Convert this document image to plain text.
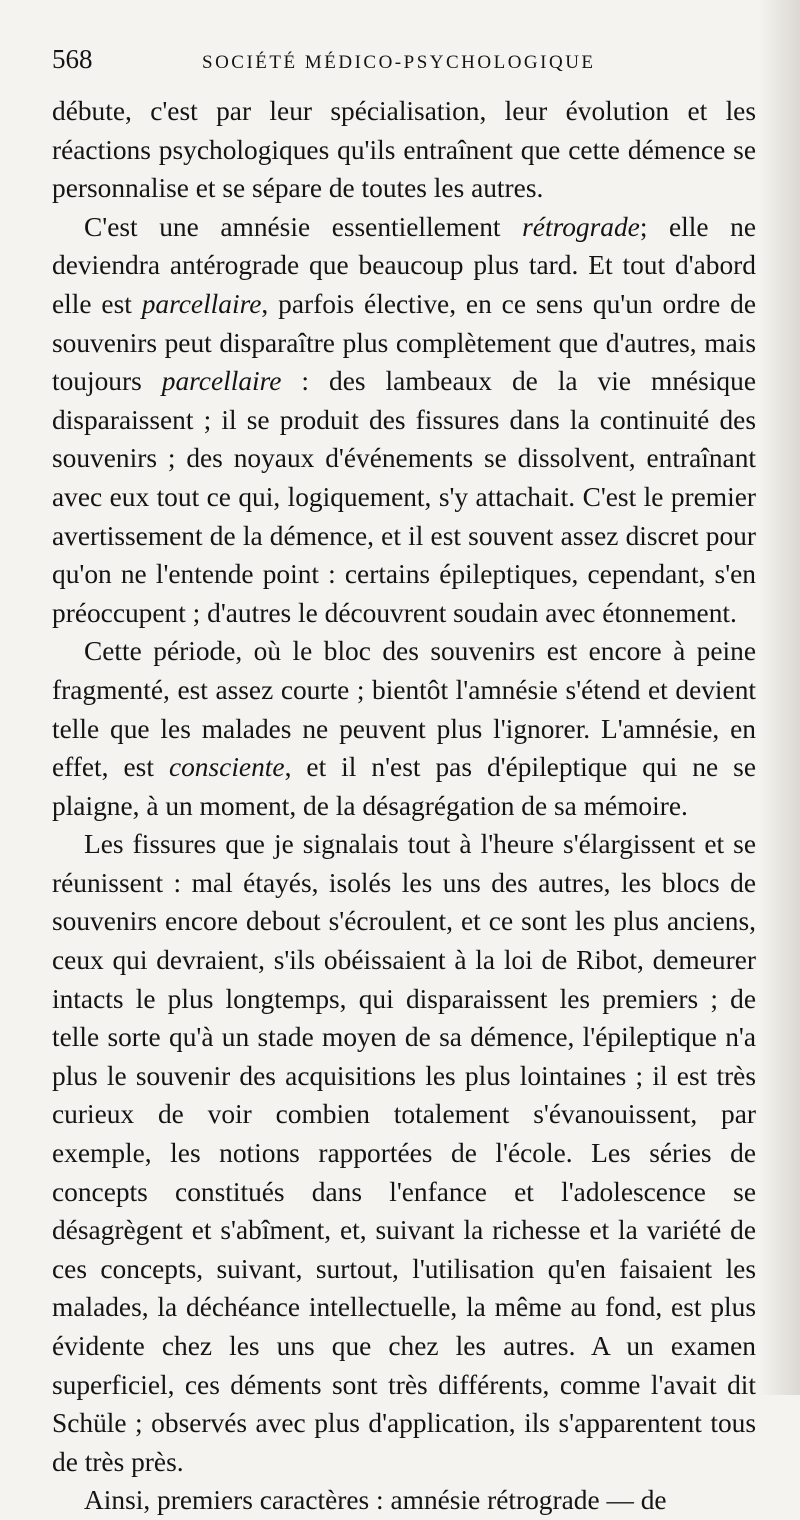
568	SOCIÉTÉ MÉDICO-PSYCHOLOGIQUE

débute, c'est par leur spécialisation, leur évolution et les réactions psychologiques qu'ils entraînent que cette démence se personnalise et se sépare de toutes les autres.

C'est une amnésie essentiellement rétrograde; elle ne deviendra antérograde que beaucoup plus tard. Et tout d'abord elle est parcellaire, parfois élective, en ce sens qu'un ordre de souvenirs peut disparaître plus complètement que d'autres, mais toujours parcellaire : des lambeaux de la vie mnésique disparaissent ; il se produit des fissures dans la continuité des souvenirs ; des noyaux d'événements se dissolvent, entraînant avec eux tout ce qui, logiquement, s'y attachait. C'est le premier avertissement de la démence, et il est souvent assez discret pour qu'on ne l'entende point : certains épileptiques, cependant, s'en préoccupent ; d'autres le découvrent soudain avec étonnement.

Cette période, où le bloc des souvenirs est encore à peine fragmenté, est assez courte ; bientôt l'amnésie s'étend et devient telle que les malades ne peuvent plus l'ignorer. L'amnésie, en effet, est consciente, et il n'est pas d'épileptique qui ne se plaigne, à un moment, de la désagrégation de sa mémoire.

Les fissures que je signalais tout à l'heure s'élargissent et se réunissent : mal étayés, isolés les uns des autres, les blocs de souvenirs encore debout s'écroulent, et ce sont les plus anciens, ceux qui devraient, s'ils obéissaient à la loi de Ribot, demeurer intacts le plus longtemps, qui disparaissent les premiers ; de telle sorte qu'à un stade moyen de sa démence, l'épileptique n'a plus le souvenir des acquisitions les plus lointaines ; il est très curieux de voir combien totalement s'évanouissent, par exemple, les notions rapportées de l'école. Les séries de concepts constitués dans l'enfance et l'adolescence se désagrègent et s'abîment, et, suivant la richesse et la variété de ces concepts, suivant, surtout, l'utilisation qu'en faisaient les malades, la déchéance intellectuelle, la même au fond, est plus évidente chez les uns que chez les autres. A un examen superficiel, ces déments sont très différents, comme l'avait dit Schüle ; observés avec plus d'application, ils s'apparentent tous de très près.

Ainsi, premiers caractères : amnésie rétrograde — de
